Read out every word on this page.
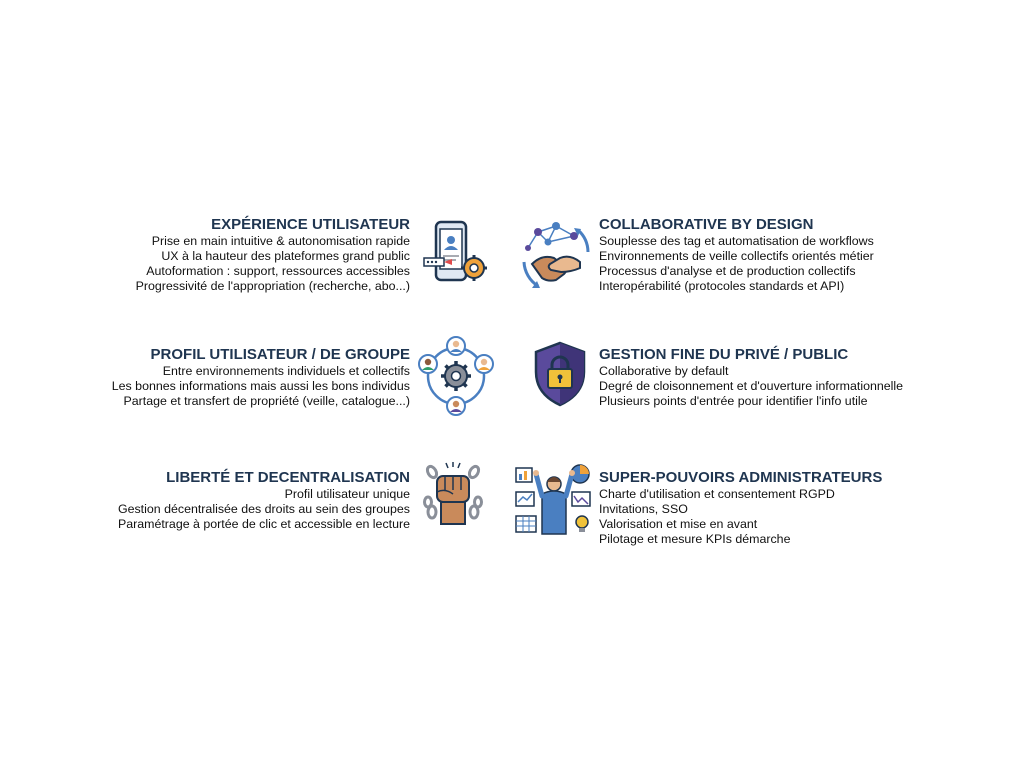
EXPÉRIENCE UTILISATEUR
Prise en main intuitive & autonomisation rapide
UX à la hauteur des plateformes grand public
Autoformation : support, ressources accessibles
Progressivité de l'appropriation (recherche, abo...)
COLLABORATIVE BY DESIGN
Souplesse des tag et automatisation de workflows
Environnements de veille collectifs orientés métier
Processus d'analyse et de production collectifs
Interopérabilité (protocoles standards et API)
PROFIL UTILISATEUR / DE GROUPE
Entre environnements individuels et collectifs
Les bonnes informations mais aussi les bons individus
Partage et transfert de propriété (veille, catalogue...)
GESTION FINE DU PRIVÉ / PUBLIC
Collaborative by default
Degré de cloisonnement et d'ouverture informationnelle
Plusieurs points d'entrée pour identifier l'info utile
LIBERTÉ ET DECENTRALISATION
Profil utilisateur unique
Gestion décentralisée des droits au sein des groupes
Paramétrage à portée de clic et accessible en lecture
SUPER-POUVOIRS ADMINISTRATEURS
Charte d'utilisation et consentement RGPD
Invitations, SSO
Valorisation et mise en avant
Pilotage et mesure KPIs démarche
